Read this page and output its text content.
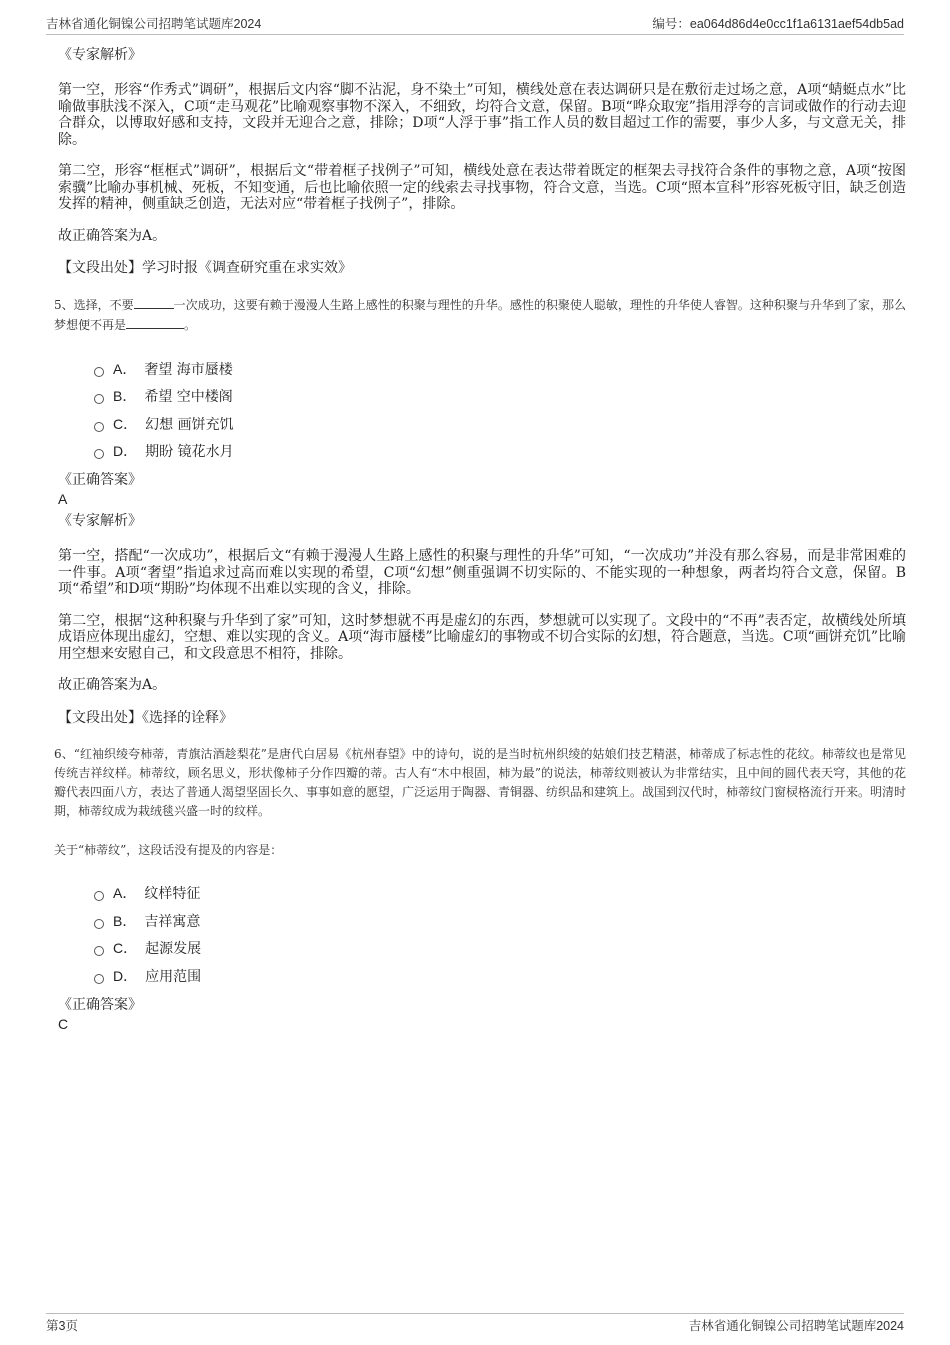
吉林省通化铜镍公司招聘笔试题库2024	编号：ea064d86d4e0cc1f1a6131aef54db5ad
《专家解析》

第一空，形容“作秀式”调研”，根据后文内容“脚不沾泥，身不染土”可知，横线处意在表达调研只是在敷衍走过场之意，A项“蜻蜓点水”比喻做事肤浅不深入，C项“走马观花”比喻观察事物不深入，不细致，均符合文意，保留。B项“哗众取宠”指用浮夸的言词或做作的行动去迎合群众，以博取好感和支持，文段并无迎合之意，排除；D项“人浮于事”指工作人员的数目超过工作的需要，事少人多，与文意无关，排除。

第二空，形容“框框式”调研”，根据后文“带着框子找例子”可知，横线处意在表达带着既定的框架去寻找符合条件的事物之意，A项“按图索骥”比喻办事机械、死板，不知变通，后也比喻依照一定的线索去寻找事物，符合文意，当选。C项“照本宣科”形容死板守旧，缺乏创造发挥的精神，侧重缺乏创造，无法对应“带着框子找例子”，排除。

故正确答案为A。

【文段出处】学习时报《调查研究重在求实效》

5、选择，不要	一次成功，这要有赖于漫漫人生路上感性的积聚与理性的升华。感性的积聚使人聪敏，理性的升华使人睿智。这种积聚与升华到了家，那么梦想便不再是	。

A． 奢望 海市蜃楼
B． 希望 空中楼阁
C． 幻想 画饼充饥
D． 期盼 镜花水月
《正确答案》
A
《专家解析》

第一空，搭配“一次成功”，根据后文“有赖于漫漫人生路上感性的积聚与理性的升华”可知，“一次成功”并没有那么容易，而是非常困难的一件事。A项“奢望”指追求过高而难以实现的希望，C项“幻想”侧重强调不切实际的、不能实现的一种想象，两者均符合文意，保留。B项“希望”和D项“期盼”均体现不出难以实现的含义，排除。

第二空，根据“这种积聚与升华到了家”可知，这时梦想就不再是虚幻的东西，梦想就可以实现了。文段中的“不再”表否定，故横线处所填成语应体现出虚幻，空想、难以实现的含义。A项“海市蜃楼”比喻虚幻的事物或不切合实际的幻想，符合题意，当选。C项“画饼充饥”比喻用空想来安慰自己，和文段意思不相符，排除。

故正确答案为A。

【文段出处】《选择的诠释》

6、“红袖织绫夸柿蒂，青旗沽酒趁梨花”是唐代白居易《杭州春望》中的诗句，说的是当时杭州织绫的姑娘们技艺精湛，柿蒂成了标志性的花纹。柿蒂纹也是常见传统吉祥纹样。柿蒂纹，顾名思义，形状像柿子分作四瓣的蒂。古人有“木中根固，柿为最”的说法，柿蒂纹则被认为非常结实，且中间的圆代表天穹，其他的花瓣代表四面八方，表达了普通人渴望坚固长久、事事如意的愿望，广泛运用于陶器、青铜器、纺织品和建筑上。战国到汉代时，柿蒂纹门窗棂格流行开来。明清时期，柿蒂纹成为栽绒毯兴盛一时的纹样。

关于“柿蒂纹”，这段话没有提及的内容是：

A． 纹样特征
B． 吉祥寓意
C． 起源发展
D． 应用范围
《正确答案》
C
第3页	吉林省通化铜镍公司招聘笔试题库2024
